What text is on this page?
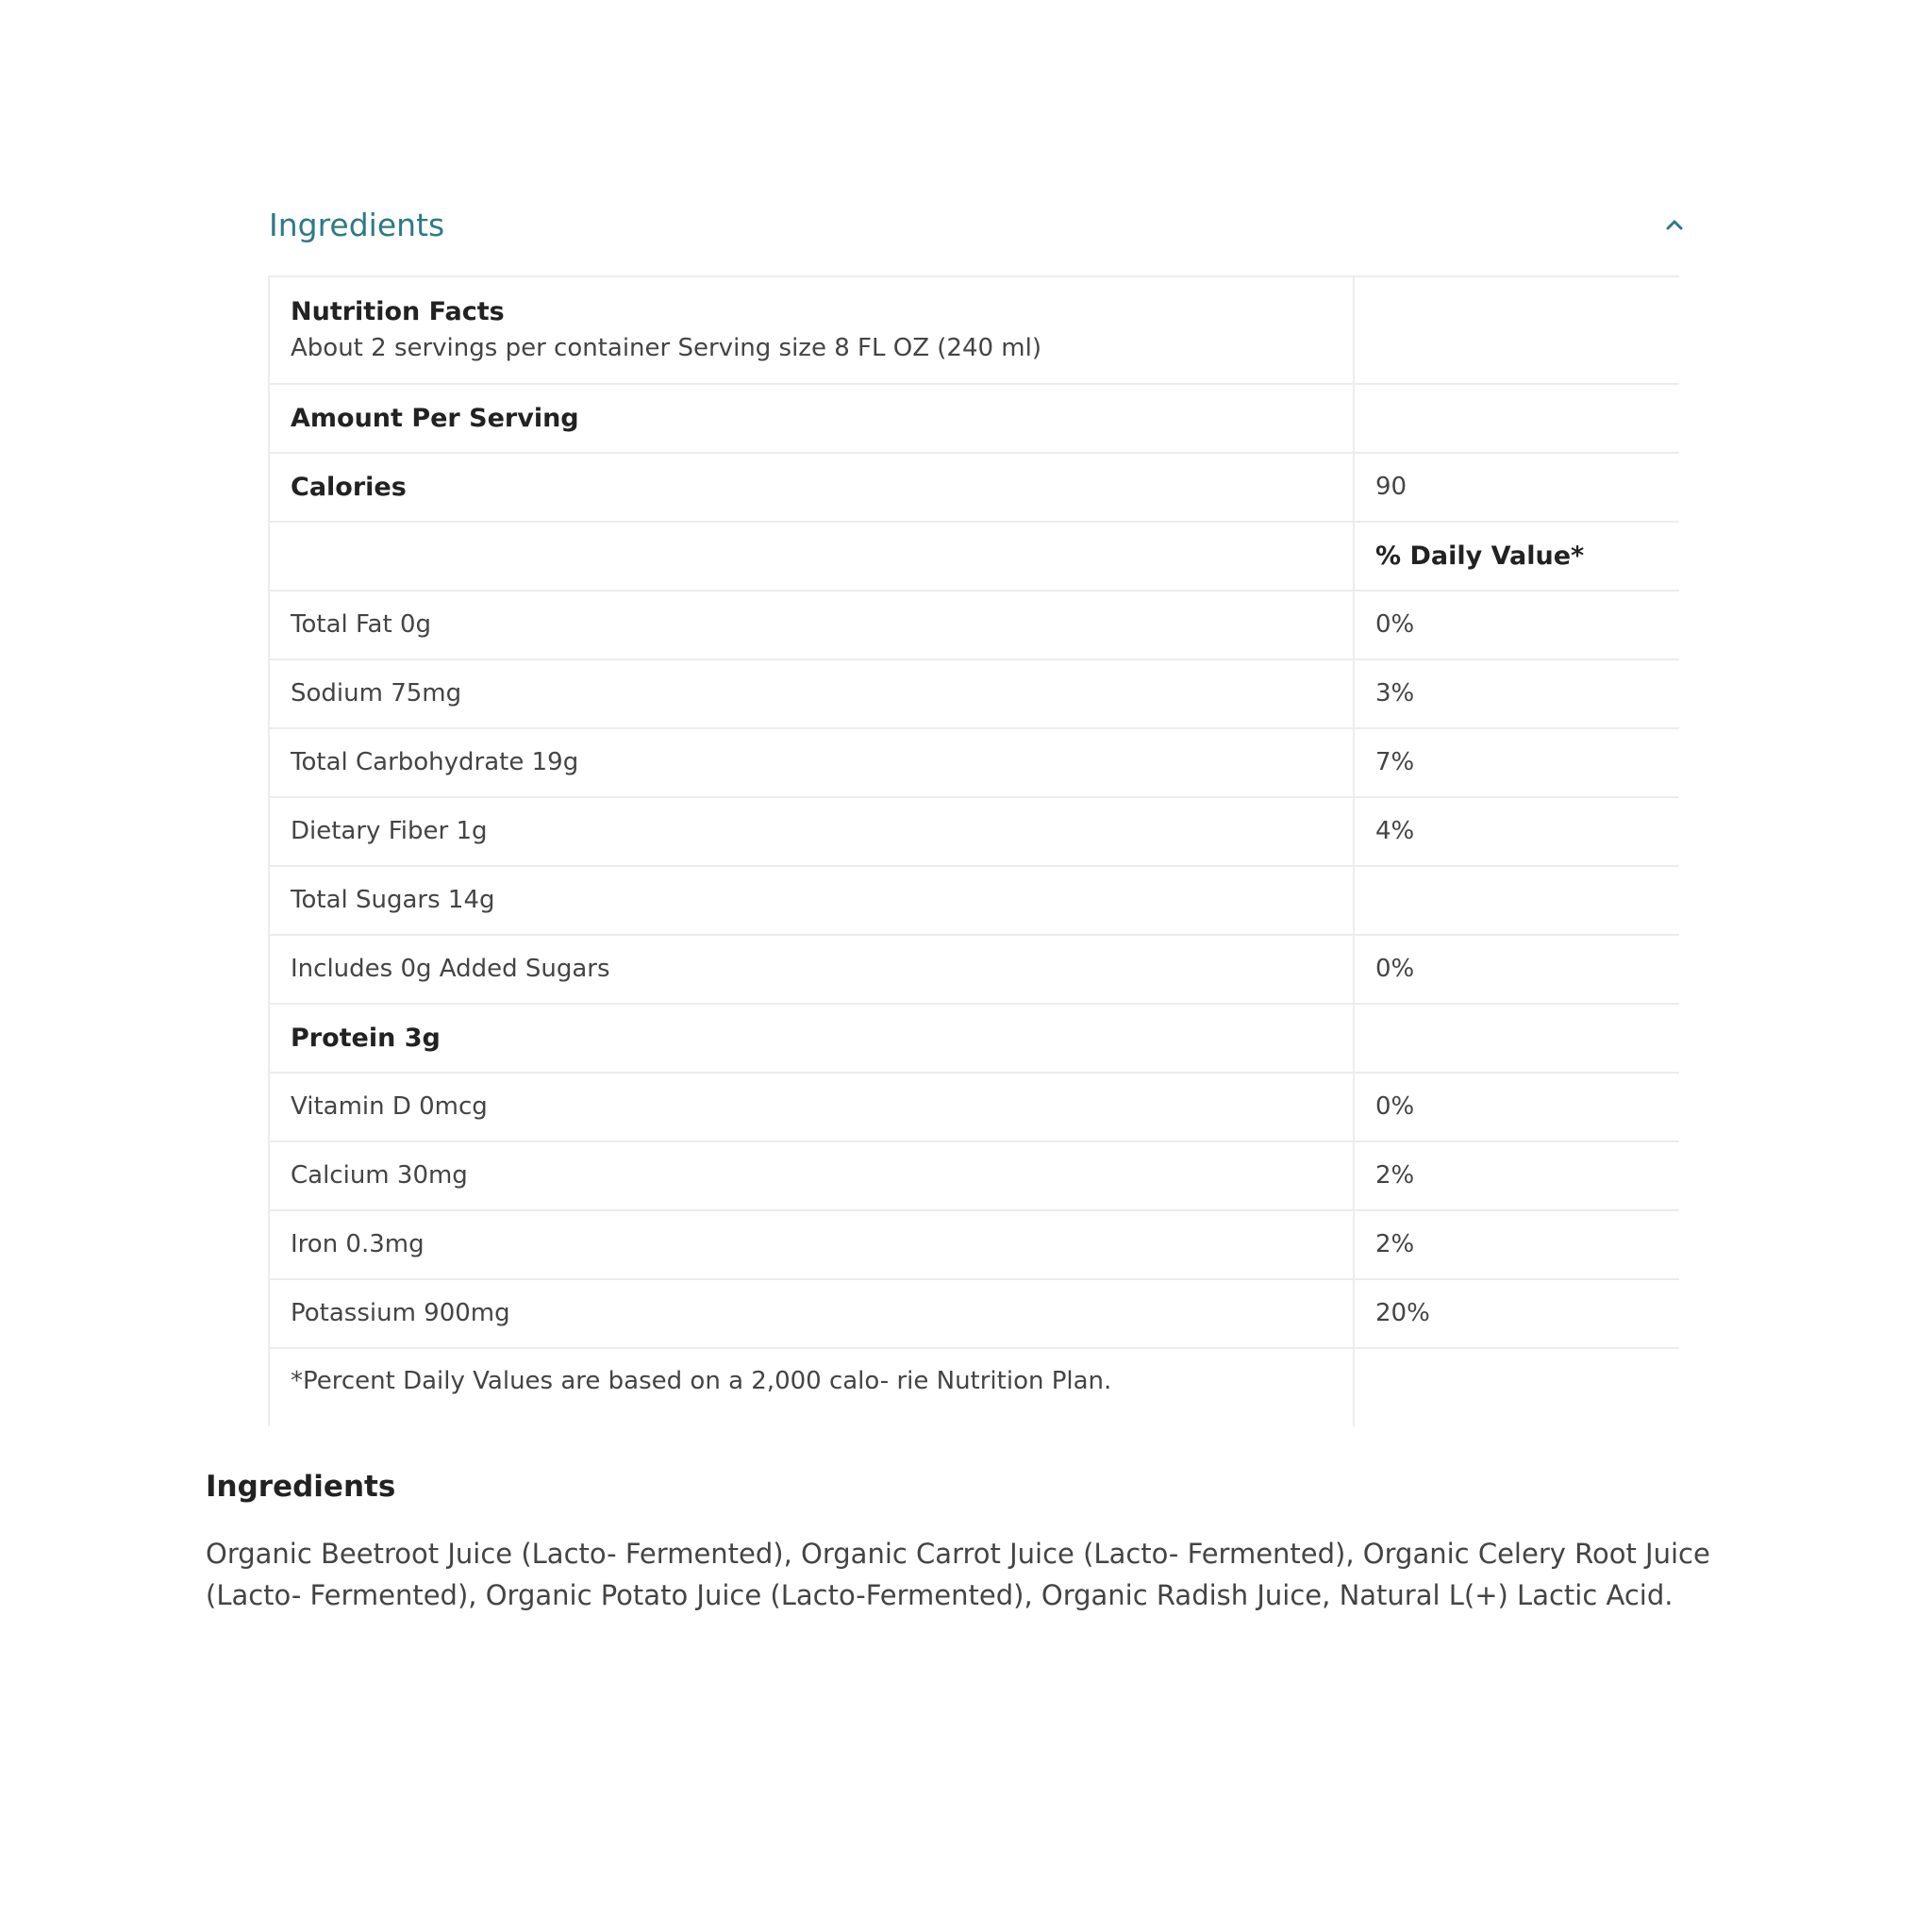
Ingredients
Nutrition Facts
About 2 servings per container Serving size 8 FL OZ (240 ml)	

Amount Per Serving	
Calories	90
	% Daily Value*
Total Fat 0g	0%
Sodium 75mg	3%
Total Carbohydrate 19g	7%
Dietary Fiber 1g	4%
Total Sugars 14g	
Includes 0g Added Sugars	0%
Protein 3g	
Vitamin D 0mcg	0%
Calcium 30mg	2%
Iron 0.3mg	2%
Potassium 900mg	20%
*Percent Daily Values are based on a 2,000 calo- rie Nutrition Plan.	
Ingredients
Organic Beetroot Juice (Lacto- Fermented), Organic Carrot Juice (Lacto- Fermented), Organic Celery Root Juice (Lacto- Fermented), Organic Potato Juice (Lacto-Fermented), Organic Radish Juice, Natural L(+) Lactic Acid.
